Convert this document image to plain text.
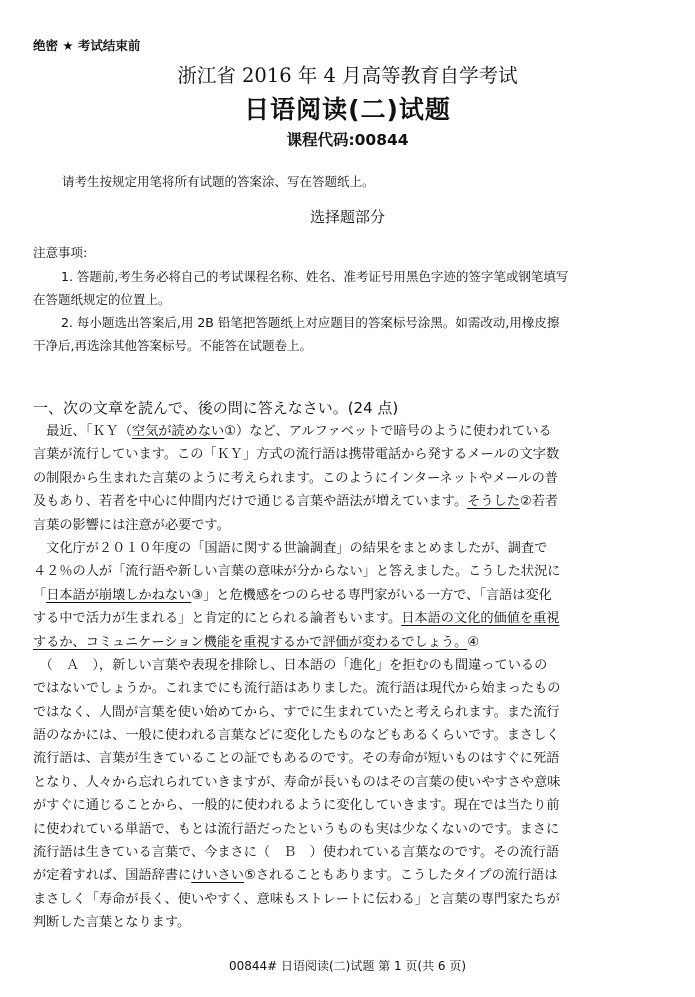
绝密 ★ 考试结束前
浙江省 2016 年 4 月高等教育自学考试
日语阅读(二)试题
课程代码:00844
请考生按规定用笔将所有试题的答案涂、写在答题纸上。
选择题部分
注意事项:
1. 答题前,考生务必将自己的考试课程名称、姓名、准考证号用黑色字迹的签字笔或钢笔填写
在答题纸规定的位置上。
2. 每小题选出答案后,用 2B 铅笔把答题纸上对应题目的答案标号涂黑。如需改动,用橡皮擦
干净后,再选涂其他答案标号。不能答在试题卷上。
一、次の文章を読んで、後の問に答えなさい。(24 点)
　最近、「ＫＹ（空気が読めない①）など、アルファベットで暗号のように使われている
言葉が流行しています。この「ＫＹ」方式の流行語は携帯電話から発するメールの文字数
の制限から生まれた言葉のように考えられます。このようにインターネットやメールの普
及もあり、若者を中心に仲間内だけで通じる言葉や語法が増えています。そうした②若者
言葉の影響には注意が必要です。
　文化庁が２０１０年度の「国語に関する世論調査」の結果をまとめましたが、調査で
４２％の人が「流行語や新しい言葉の意味が分からない」と答えました。こうした状況に
「日本語が崩壊しかねない③」と危機感をつのらせる専門家がいる一方で、「言語は変化
する中で活力が生まれる」と肯定的にとられる論者もいます。日本語の文化的価値を重視
するか、コミュニケーション機能を重視するかで評価が変わるでしょう。④
　（　Ａ　），新しい言葉や表現を排除し、日本語の「進化」を拒むのも間違っているの
ではないでしょうか。これまでにも流行語はありました。流行語は現代から始まったもの
ではなく、人間が言葉を使い始めてから、すでに生まれていたと考えられます。また流行
語のなかには、一般に使われる言葉などに変化したものなどもあるくらいです。まさしく
流行語は、言葉が生きていることの証でもあるのです。その寿命が短いものはすぐに死語
となり、人々から忘れられていきますが、寿命が長いものはその言葉の使いやすさや意味
がすぐに通じることから、一般的に使われるように変化していきます。現在では当たり前
に使われている単語で、もとは流行語だったというものも実は少なくないのです。まさに
流行語は生きている言葉で、今まさに（　Ｂ　）使われている言葉なのです。その流行語
が定着すれば、国語辞書にけいさい⑤されることもあります。こうしたタイプの流行語は
まさしく「寿命が長く、使いやすく、意味もストレートに伝わる」と言葉の専門家たちが
判断した言葉となります。
00844# 日语阅读(二)试题 第 1 页(共 6 页)
